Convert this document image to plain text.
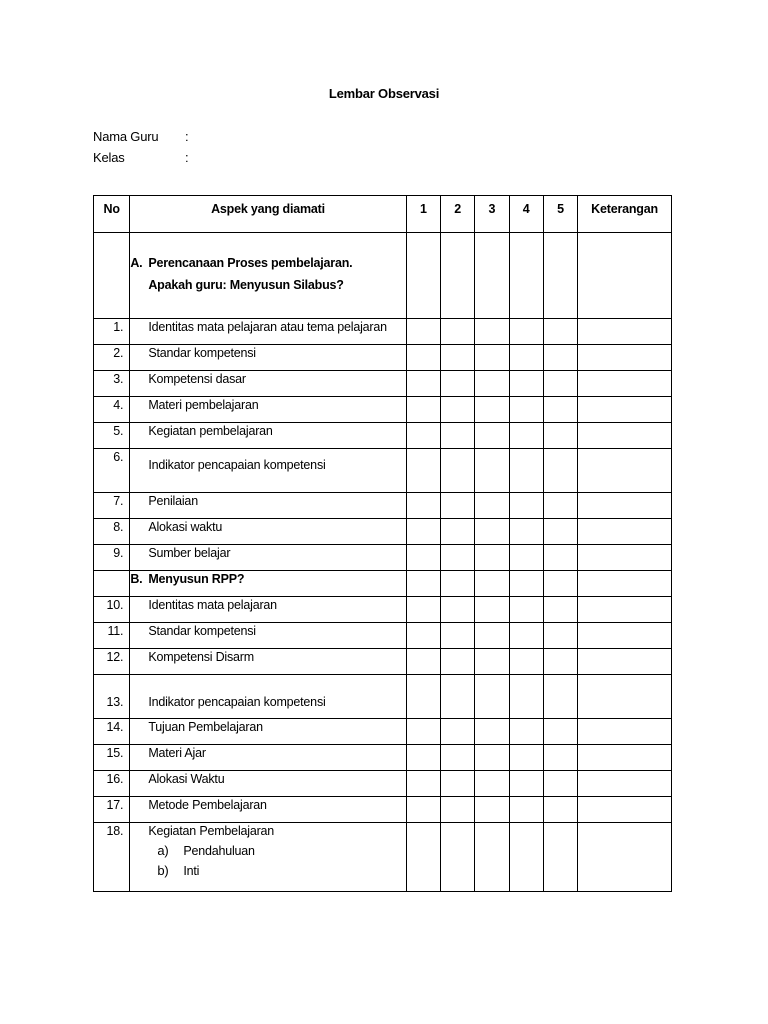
Lembar Observasi
Nama Guru :
Kelas	:
No	Aspek yang diamati	1	2	3	4	5	Keterangan

	A. Perencanaan Proses pembelajaran.
Apakah guru: Menyusun Silabus?						

1.	Identitas mata pelajaran atau tema pelajaran						
2.	Standar kompetensi						
3.	Kompetensi dasar						
4.	Materi pembelajaran						
5.	Kegiatan pembelajaran						
6.	Indikator pencapaian kompetensi						
7.	Penilaian						
8.	Alokasi waktu						
9.	Sumber belajar						
	B. Menyusun RPP?						
10.	Identitas mata pelajaran						
11.	Standar kompetensi						
12.	Kompetensi Disarm						
13.	Indikator pencapaian kompetensi						
14.	Tujuan Pembelajaran						
15.	Materi Ajar						
16.	Alokasi Waktu						
17.	Metode Pembelajaran						
18.	Kegiatan Pembelajaran
a) Pendahuluan
b) Inti						
